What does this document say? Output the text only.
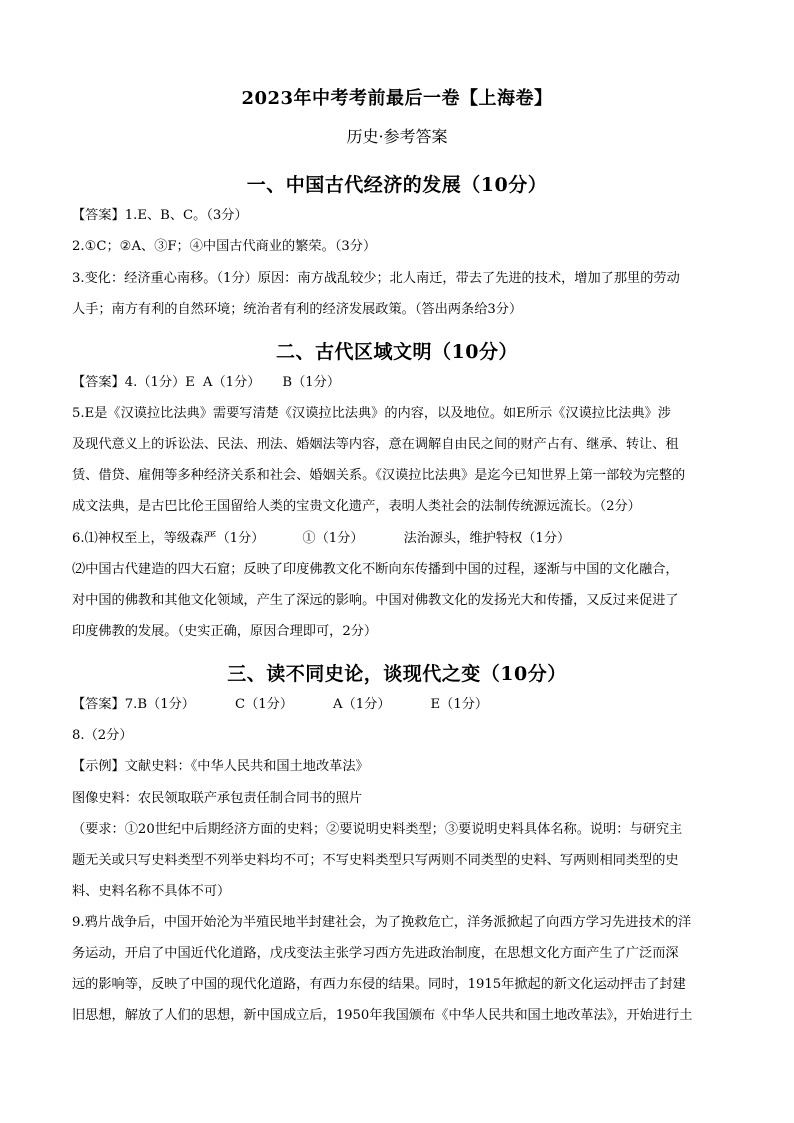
2023年中考考前最后一卷【上海卷】
历史·参考答案
一、中国古代经济的发展（10分）
【答案】1.E、B、C。（3分）
2.①C；②A、③F；④中国古代商业的繁荣。（3分）
3.变化：经济重心南移。（1分）原因：南方战乱较少；北人南迁，带去了先进的技术，增加了那里的劳动
人手；南方有利的自然环境；统治者有利的经济发展政策。（答出两条给3分）
二、古代区域文明（10分）
【答案】4.（1分）E A（1分） B（1分）
5.E是《汉谟拉比法典》需要写清楚《汉谟拉比法典》的内容，以及地位。如E所示《汉谟拉比法典》涉
及现代意义上的诉讼法、民法、刑法、婚姻法等内容，意在调解自由民之间的财产占有、继承、转让、租
赁、借贷、雇佣等多种经济关系和社会、婚姻关系。《汉谟拉比法典》是迄今已知世界上第一部较为完整的
成文法典，是古巴比伦王国留给人类的宝贵文化遗产，表明人类社会的法制传统源远流长。（2分）
6.⑴神权至上，等级森严（1分）	①（1分）	法治源头，维护特权（1分）
⑵中国古代建造的四大石窟；反映了印度佛教文化不断向东传播到中国的过程，逐渐与中国的文化融合，
对中国的佛教和其他文化领域，产生了深远的影响。中国对佛教文化的发扬光大和传播，又反过来促进了
印度佛教的发展。（史实正确，原因合理即可，2分）
三、读不同史论，谈现代之变（10分）
【答案】7.B（1分）	C（1分）	A（1分）	E（1分）
8.（2分）
【示例】文献史料：《中华人民共和国土地改革法》
图像史料：农民领取联产承包责任制合同书的照片
（要求：①20世纪中后期经济方面的史料；②要说明史料类型；③要说明史料具体名称。说明：与研究主
题无关或只写史料类型不列举史料均不可；不写史料类型只写两则不同类型的史料、写两则相同类型的史
料、史料名称不具体不可）
9.鸦片战争后，中国开始沦为半殖民地半封建社会，为了挽救危亡，洋务派掀起了向西方学习先进技术的洋
务运动，开启了中国近代化道路，戊戌变法主张学习西方先进政治制度，在思想文化方面产生了广泛而深
远的影响等，反映了中国的现代化道路，有西力东侵的结果。同时，1915年掀起的新文化运动抨击了封建
旧思想，解放了人们的思想，新中国成立后，1950年我国颁布《中华人民共和国土地改革法》，开始进行土
